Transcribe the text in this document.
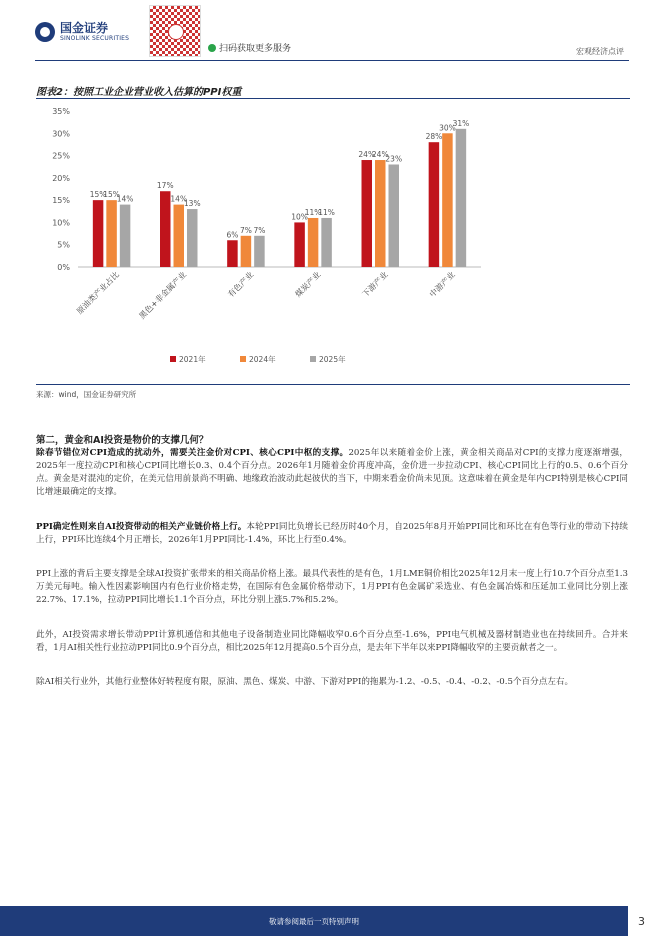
国金证券
SINOLINK SECURITIES
扫码获取更多服务	宏观经济点评
图表2：按照工业企业营业收入估算的PPI权重
0%
5%
10%
15%
20%
25%
30%
35%
15%
15%
14%
原油类产业占比
17%
14%
13%
黑色+非金属产业
6% 7% 7%
有色产业
10%
11%
11%
煤炭产业
24%
24%
23%
下游产业
28%
30%
31%
中游产业
2021年	2024年	2025年
来源：wind，国金证券研究所
第二，黄金和AI投资是物价的支撑几何？

除春节错位对CPI造成的扰动外，需要关注金价对CPI、核心CPI中枢的支撑。2025年以来随着金价上涨，黄金相关商品对CPI的支撑力度逐渐增强，2025年一度拉动CPI和核心CPI同比增长0.3、0.4个百分点。2026年1月随着金价再度冲高，金价进一步拉动CPI、核心CPI同比上行的0.5、0.6个百分点。黄金是对混沌的定价，在美元信用前景尚不明确、地缘政治波动此起彼伏的当下，中期来看金价尚未见顶。这意味着在黄金是年内CPI特别是核心CPI同比增速最确定的支撑。

PPI确定性则来自AI投资带动的相关产业链价格上行。本轮PPI同比负增长已经历时40个月，自2025年8月开始PPI同比和环比在有色等行业的带动下持续上行，PPI环比连续4个月正增长，2026年1月PPI同比-1.4%，环比上行至0.4%。

PPI上涨的背后主要支撑是全球AI投资扩张带来的相关商品价格上涨。最具代表性的是有色，1月LME铜价相比2025年12月末一度上行10.7个百分点至1.3万美元每吨。输入性因素影响国内有色行业价格走势，在国际有色金属价格带动下，1月PPI有色金属矿采选业、有色金属冶炼和压延加工业同比分别上涨22.7%、17.1%，拉动PPI同比增长1.1个百分点，环比分别上涨5.7%和5.2%。

此外，AI投资需求增长带动PPI计算机通信和其他电子设备制造业同比降幅收窄0.6个百分点至-1.6%，PPI电气机械及器材制造业也在持续回升。合并来看，1月AI相关性行业拉动PPI同比0.9个百分点，相比2025年12月提高0.5个百分点，是去年下半年以来PPI降幅收窄的主要贡献者之一。

除AI相关行业外，其他行业整体好转程度有限，原油、黑色、煤炭、中游、下游对PPI的拖累为-1.2、-0.5、-0.4、-0.2、-0.5个百分点左右。

敬请参阅最后一页特别声明	3
